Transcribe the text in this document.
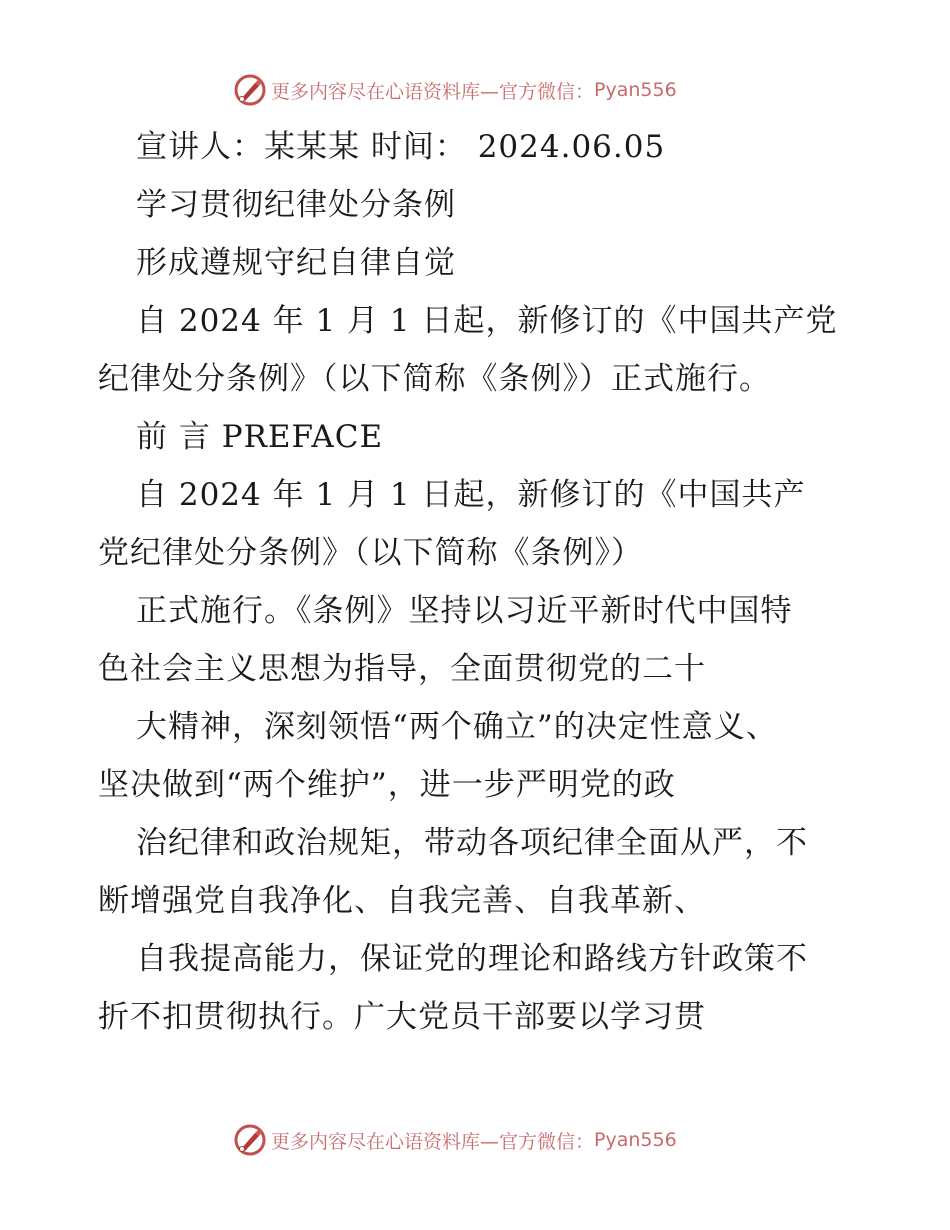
更多内容尽在心语资料库—官方微信： Pyan556
宣讲人：某某某 时间： 2024.06.05
学习贯彻纪律处分条例
形成遵规守纪自律自觉
自 2024 年 1 月 1 日起，新修订的《中国共产党
纪律处分条例》（以下简称《条例》）正式施行。
前 言 PREFACE
自 2024 年 1 月 1 日起，新修订的《中国共产
党纪律处分条例》（以下简称《条例》）
正式施行。《条例》坚持以习近平新时代中国特
色社会主义思想为指导，全面贯彻党的二十
大精神，深刻领悟“两个确立”的决定性意义、
坚决做到“两个维护”，进一步严明党的政
治纪律和政治规矩，带动各项纪律全面从严，不
断增强党自我净化、自我完善、自我革新、
自我提高能力，保证党的理论和路线方针政策不
折不扣贯彻执行。广大党员干部要以学习贯
更多内容尽在心语资料库—官方微信： Pyan556
